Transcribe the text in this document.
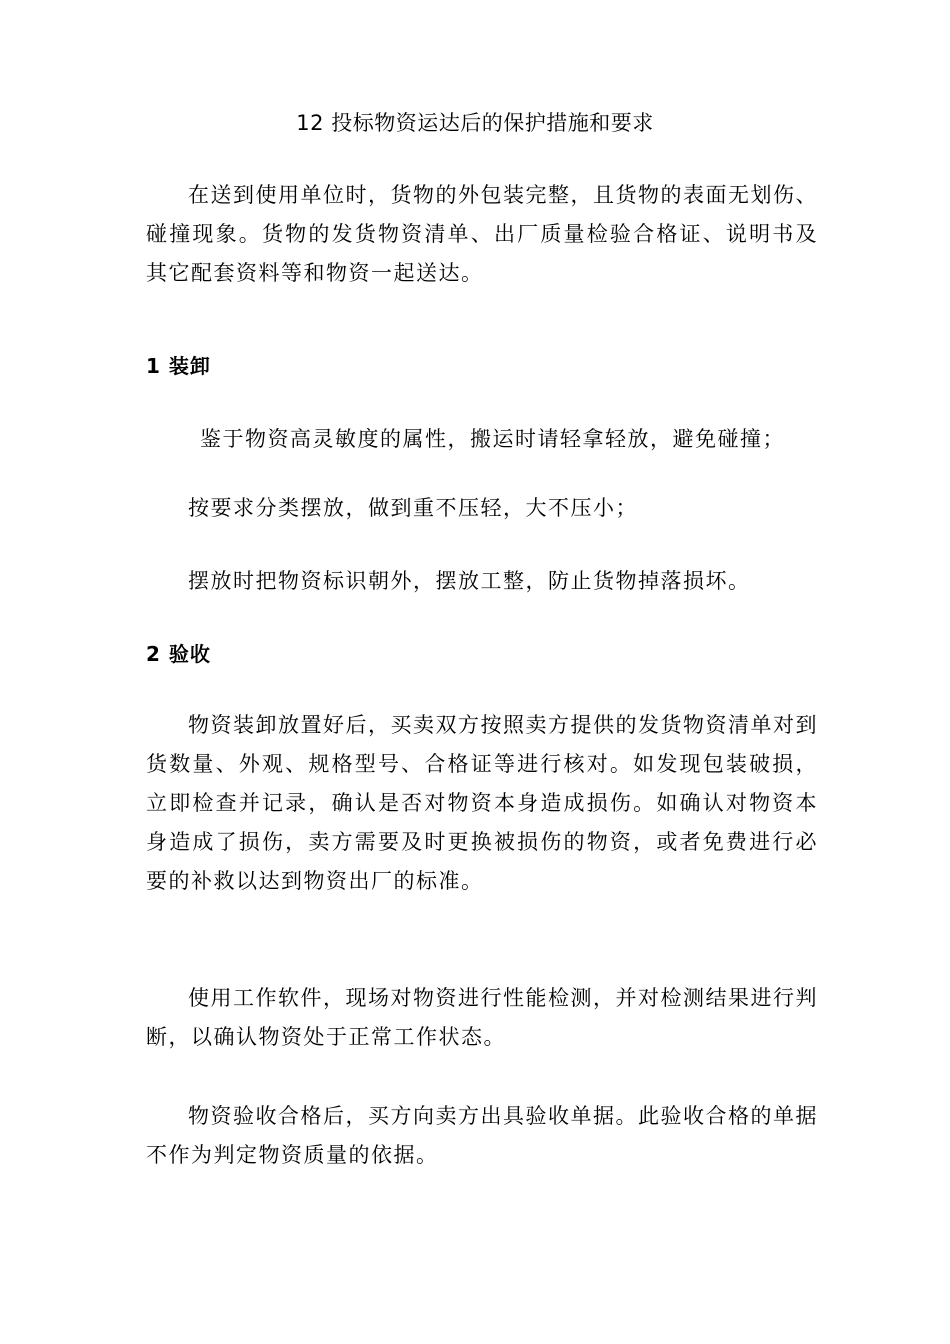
12 投标物资运达后的保护措施和要求

在送到使用单位时，货物的外包装完整，且货物的表面无划伤、碰撞现象。货物的发货物资清单、出厂质量检验合格证、说明书及其它配套资料等和物资一起送达。

1 装卸

鉴于物资高灵敏度的属性，搬运时请轻拿轻放，避免碰撞；

按要求分类摆放，做到重不压轻，大不压小；

摆放时把物资标识朝外，摆放工整，防止货物掉落损坏。

2 验收

物资装卸放置好后，买卖双方按照卖方提供的发货物资清单对到货数量、外观、规格型号、合格证等进行核对。如发现包装破损，立即检查并记录，确认是否对物资本身造成损伤。如确认对物资本身造成了损伤，卖方需要及时更换被损伤的物资，或者免费进行必要的补救以达到物资出厂的标准。

使用工作软件，现场对物资进行性能检测，并对检测结果进行判断，以确认物资处于正常工作状态。

物资验收合格后，买方向卖方出具验收单据。此验收合格的单据不作为判定物资质量的依据。
